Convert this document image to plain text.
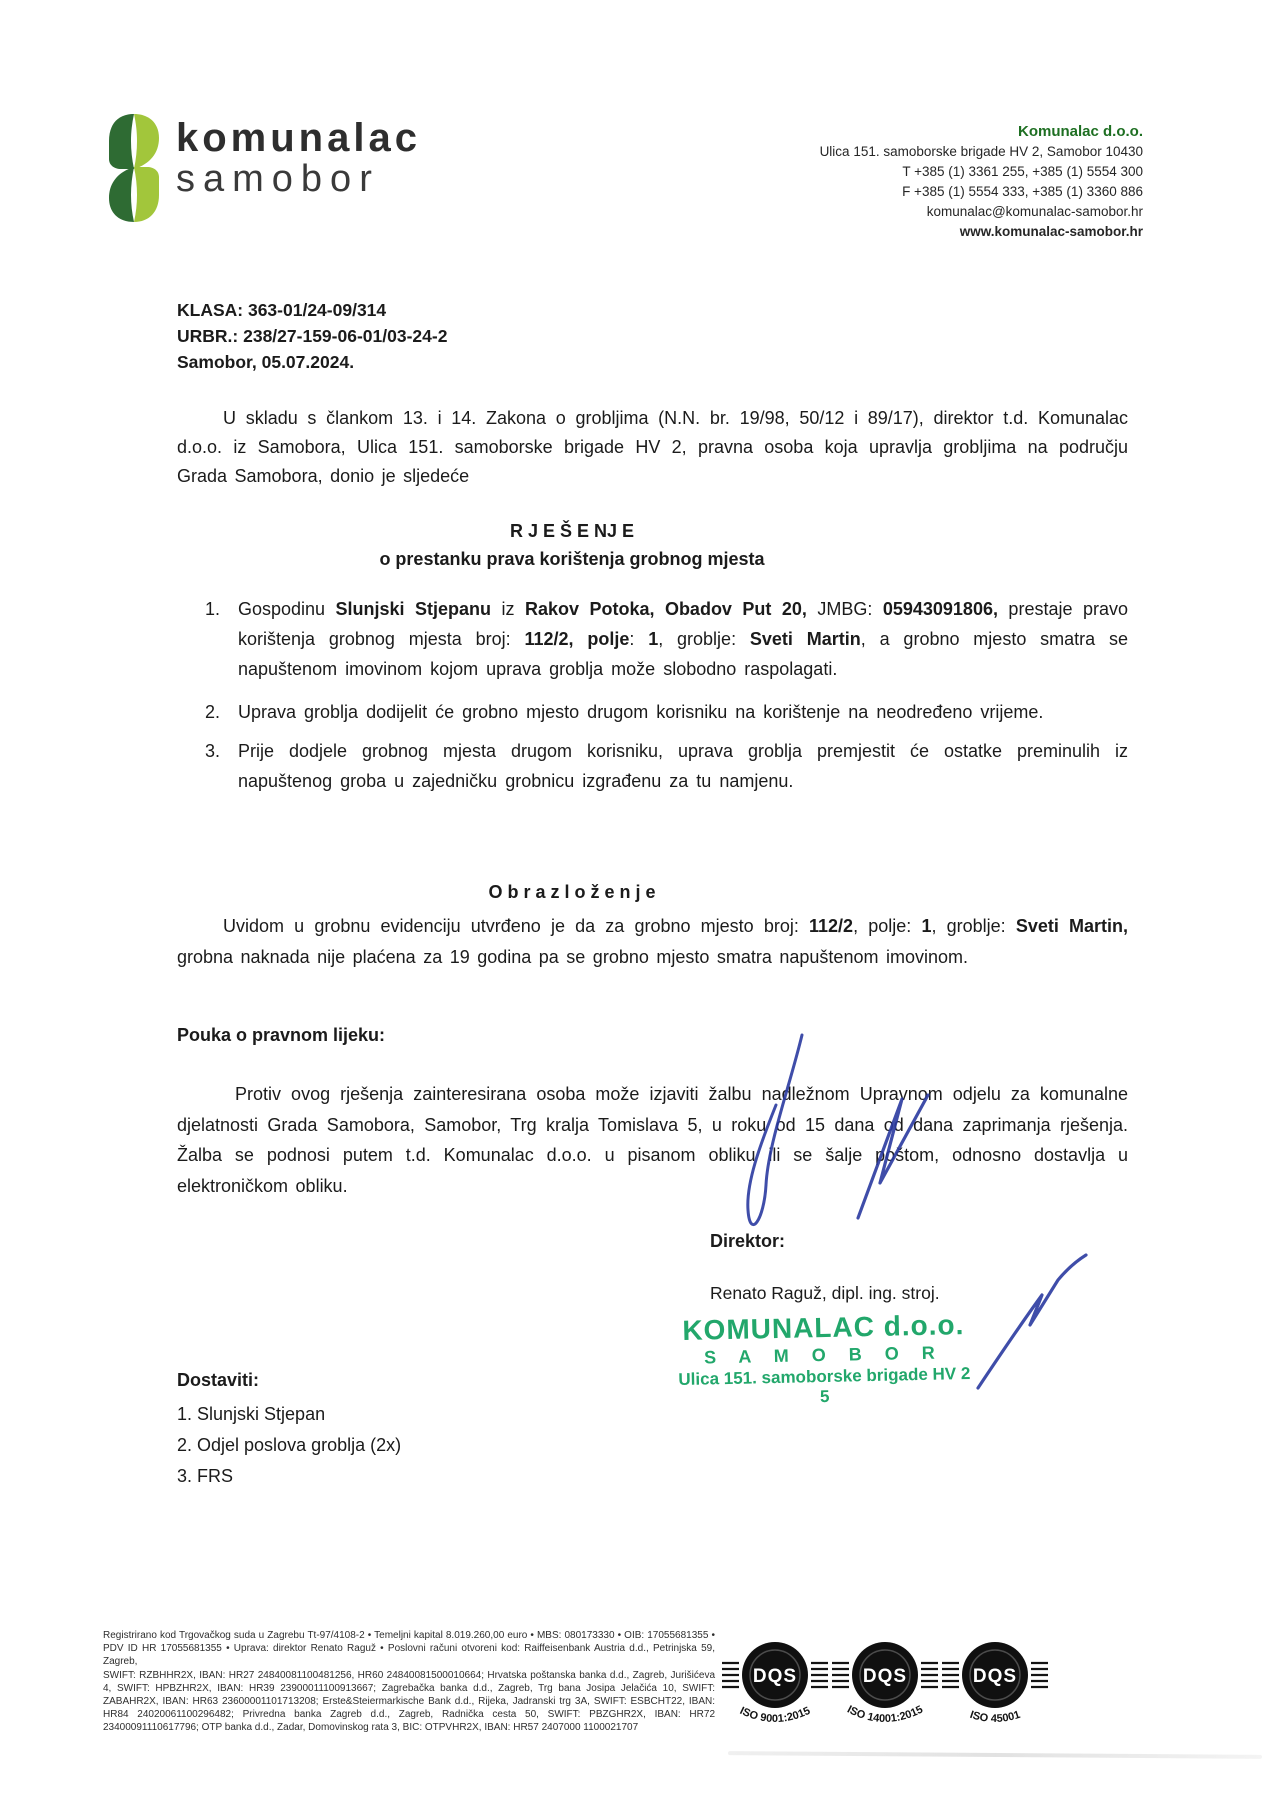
komunalac
samobor
Komunalac d.o.o.
Ulica 151. samoborske brigade HV 2, Samobor 10430
T +385 (1) 3361 255, +385 (1) 5554 300
F +385 (1) 5554 333, +385 (1) 3360 886
komunalac@komunalac-samobor.hr
www.komunalac-samobor.hr
KLASA: 363-01/24-09/314
URBR.: 238/27-159-06-01/03-24-2
Samobor, 05.07.2024.
U skladu s člankom 13. i 14. Zakona o grobljima (N.N. br. 19/98, 50/12 i 89/17), direktor t.d. Komunalac d.o.o. iz Samobora, Ulica 151. samoborske brigade HV 2, pravna osoba koja upravlja grobljima na području Grada Samobora, donio je sljedeće
R J E Š E NJ E
o prestanku prava korištenja grobnog mjesta
1. Gospodinu Slunjski Stjepanu iz Rakov Potoka, Obadov Put 20, JMBG: 05943091806, prestaje pravo korištenja grobnog mjesta broj: 112/2, polje: 1, groblje: Sveti Martin, a grobno mjesto smatra se napuštenom imovinom kojom uprava groblja može slobodno raspolagati.
2. Uprava groblja dodijelit će grobno mjesto drugom korisniku na korištenje na neodređeno vrijeme.
3. Prije dodjele grobnog mjesta drugom korisniku, uprava groblja premjestit će ostatke preminulih iz napuštenog groba u zajedničku grobnicu izgrađenu za tu namjenu.
O b r a z l o ž e n j e
Uvidom u grobnu evidenciju utvrđeno je da za grobno mjesto broj: 112/2, polje: 1, groblje: Sveti Martin, grobna naknada nije plaćena za 19 godina pa se grobno mjesto smatra napuštenom imovinom.
Pouka o pravnom lijeku:
Protiv ovog rješenja zainteresirana osoba može izjaviti žalbu nadležnom Upravnom odjelu za komunalne djelatnosti Grada Samobora, Samobor, Trg kralja Tomislava 5, u roku od 15 dana od dana zaprimanja rješenja. Žalba se podnosi putem t.d. Komunalac d.o.o. u pisanom obliku ili se šalje poštom, odnosno dostavlja u elektroničkom obliku.
Direktor:
Renato Raguž, dipl. ing. stroj.
KOMUNALAC d.o.o.
S A M O B O R
Ulica 151. samoborske brigade HV 2
5
Dostaviti:
1. Slunjski Stjepan
2. Odjel poslova groblja (2x)
3. FRS
Registrirano kod Trgovačkog suda u Zagrebu Tt-97/4108-2 • Temeljni kapital 8.019.260,00 euro • MBS: 080173330 • OIB: 17055681355 •
PDV ID HR 17055681355 • Uprava: direktor Renato Raguž • Poslovni računi otvoreni kod: Raiffeisenbank Austria d.d., Petrinjska 59, Zagreb,
SWIFT: RZBHHR2X, IBAN: HR27 24840081100481256, HR60 24840081500010664; Hrvatska poštanska banka d.d., Zagreb, Jurišićeva
4, SWIFT: HPBZHR2X, IBAN: HR39 23900011100913667; Zagrebačka banka d.d., Zagreb, Trg bana Josipa Jelačića 10, SWIFT:
ZABAHR2X, IBAN: HR63 23600001101713208; Erste&Steiermarkische Bank d.d., Rijeka, Jadranski trg 3A, SWIFT: ESBCHT22, IBAN:
HR84 24020061100296482; Privredna banka Zagreb d.d., Zagreb, Radnička cesta 50, SWIFT: PBZGHR2X, IBAN: HR72
23400091110617796; OTP banka d.d., Zadar, Domovinskog rata 3, BIC: OTPVHR2X, IBAN: HR57 2407000 1100021707
DQS
ISO 9001:2015
DQS
ISO 14001:2015
DQS
ISO 45001
